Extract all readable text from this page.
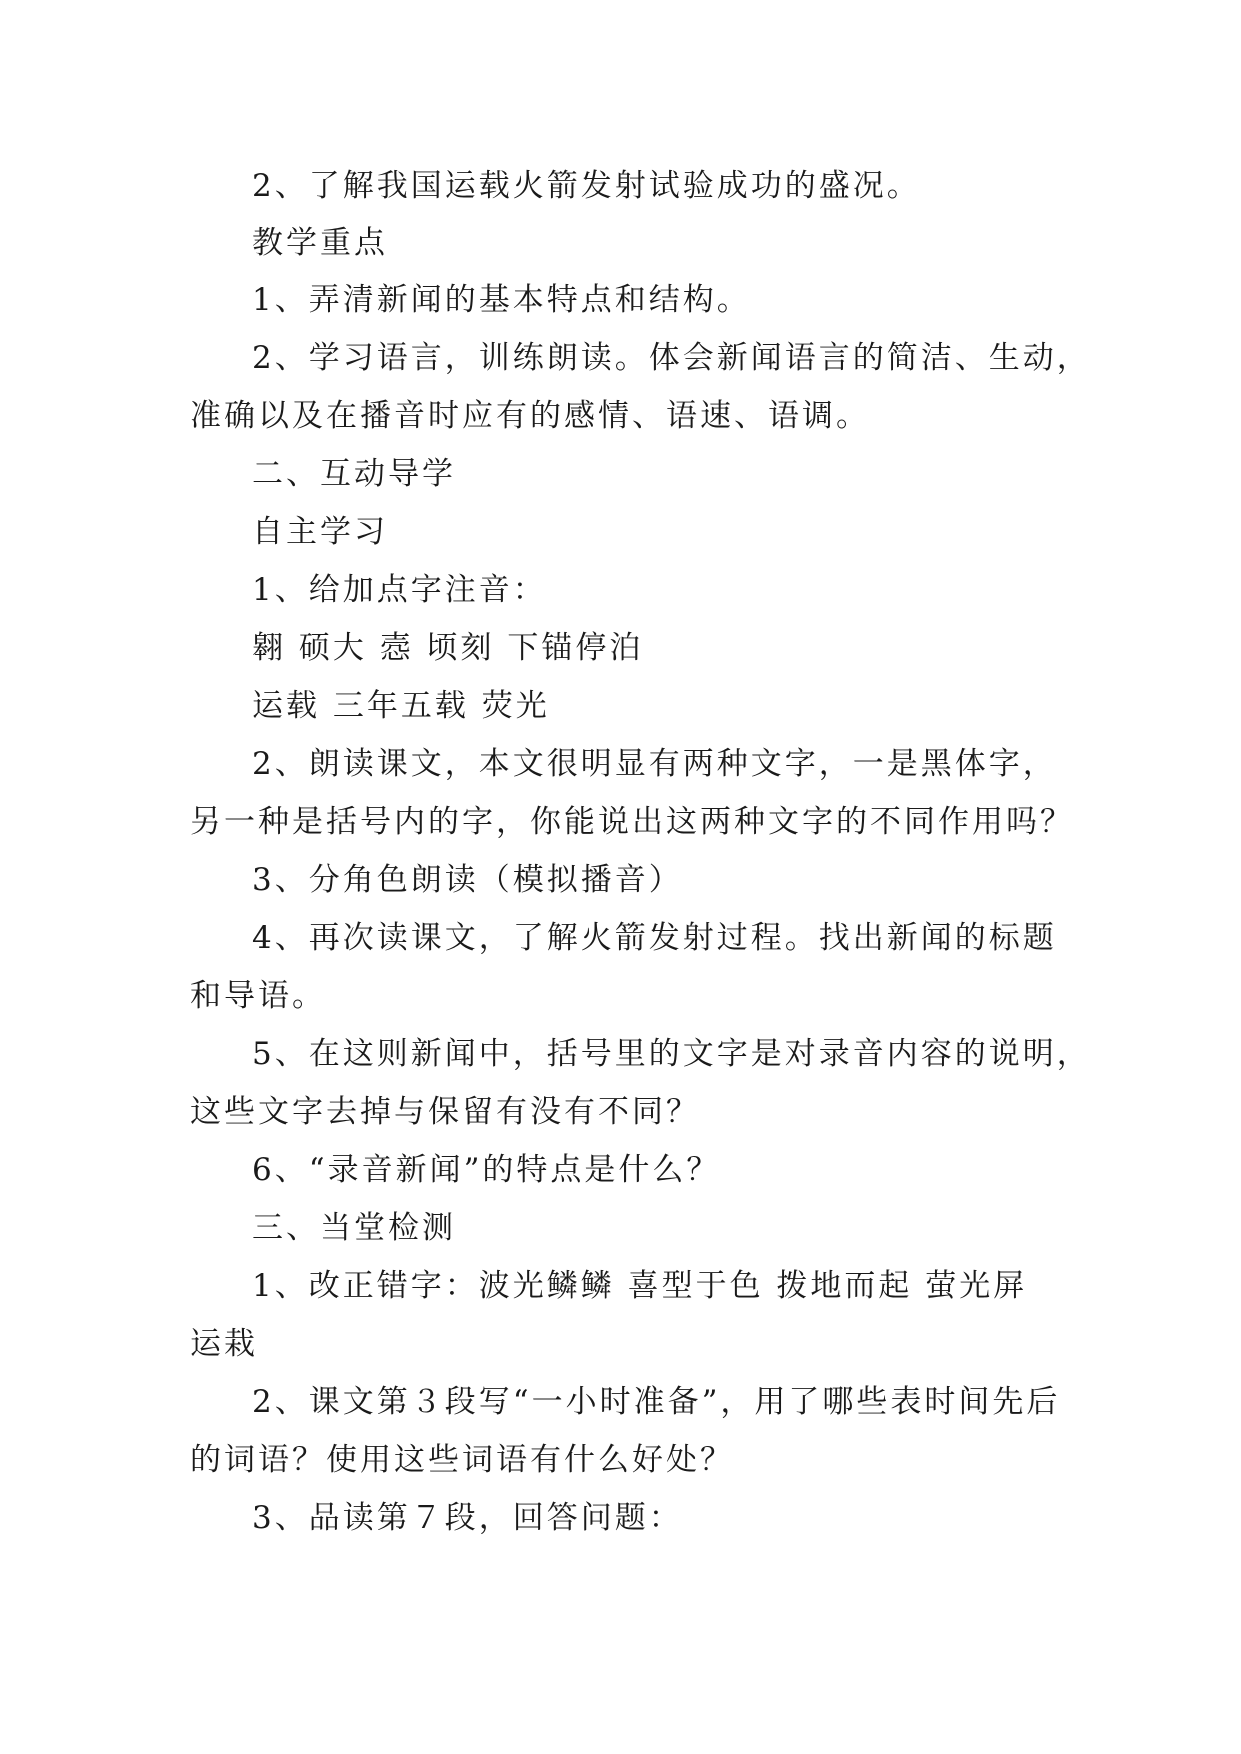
2、了解我国运载火箭发射试验成功的盛况。
教学重点
1、弄清新闻的基本特点和结构。
2、学习语言，训练朗读。体会新闻语言的简洁、生动，
准确以及在播音时应有的感情、语速、语调。
二、互动导学
自主学习
1、给加点字注音：
翱 硕大 悫 顷刻 下锚停泊
运载 三年五载 荧光
2、朗读课文，本文很明显有两种文字，一是黑体字，
另一种是括号内的字，你能说出这两种文字的不同作用吗？
3、分角色朗读（模拟播音）
4、再次读课文，了解火箭发射过程。找出新闻的标题
和导语。
5、在这则新闻中，括号里的文字是对录音内容的说明，
这些文字去掉与保留有没有不同？
6、“录音新闻”的特点是什么？
三、当堂检测
1、改正错字：波光鳞鳞 喜型于色 拨地而起 萤光屏
运栽
2、课文第３段写“一小时准备”，用了哪些表时间先后
的词语？使用这些词语有什么好处？
3、品读第７段，回答问题：
